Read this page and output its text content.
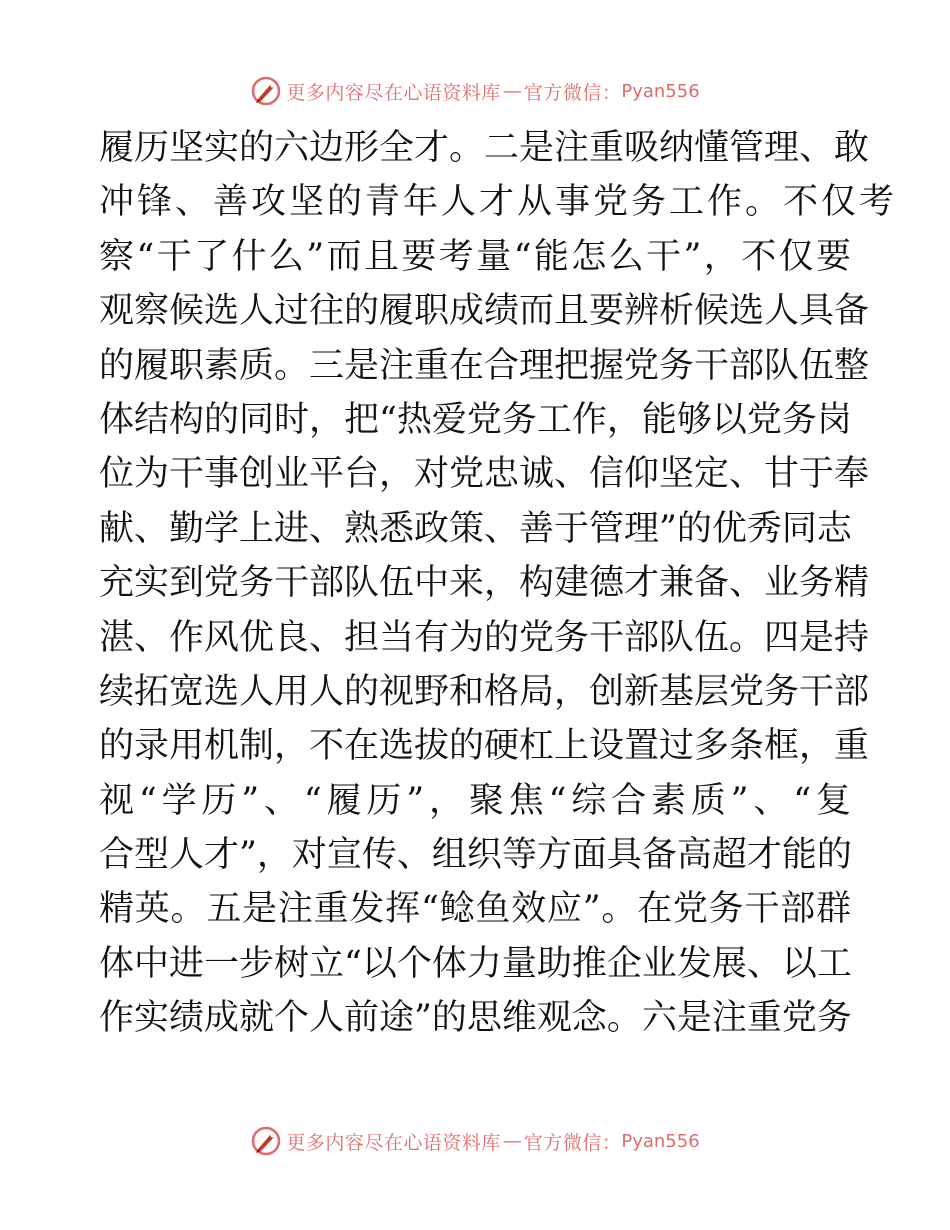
更多内容尽在心语资料库 — 官方微信： Pyan556
履历坚实的六边形全才。二是注重吸纳懂管理、敢
冲锋、善攻坚的青年人才从事党务工作。不仅考
察“干了什么”而且要考量“能怎么干”，不仅要
观察候选人过往的履职成绩而且要辨析候选人具备
的履职素质。三是注重在合理把握党务干部队伍整
体结构的同时，把“热爱党务工作，能够以党务岗
位为干事创业平台，对党忠诚、信仰坚定、甘于奉
献、勤学上进、熟悉政策、善于管理”的优秀同志
充实到党务干部队伍中来，构建德才兼备、业务精
湛、作风优良、担当有为的党务干部队伍。四是持
续拓宽选人用人的视野和格局，创新基层党务干部
的录用机制，不在选拔的硬杠上设置过多条框，重
视“学历”、“履历”，聚焦“综合素质”、“复
合型人才”，对宣传、组织等方面具备高超才能的
精英。五是注重发挥“鲶鱼效应”。在党务干部群
体中进一步树立“以个体力量助推企业发展、以工
作实绩成就个人前途”的思维观念。六是注重党务
更多内容尽在心语资料库 — 官方微信： Pyan556
